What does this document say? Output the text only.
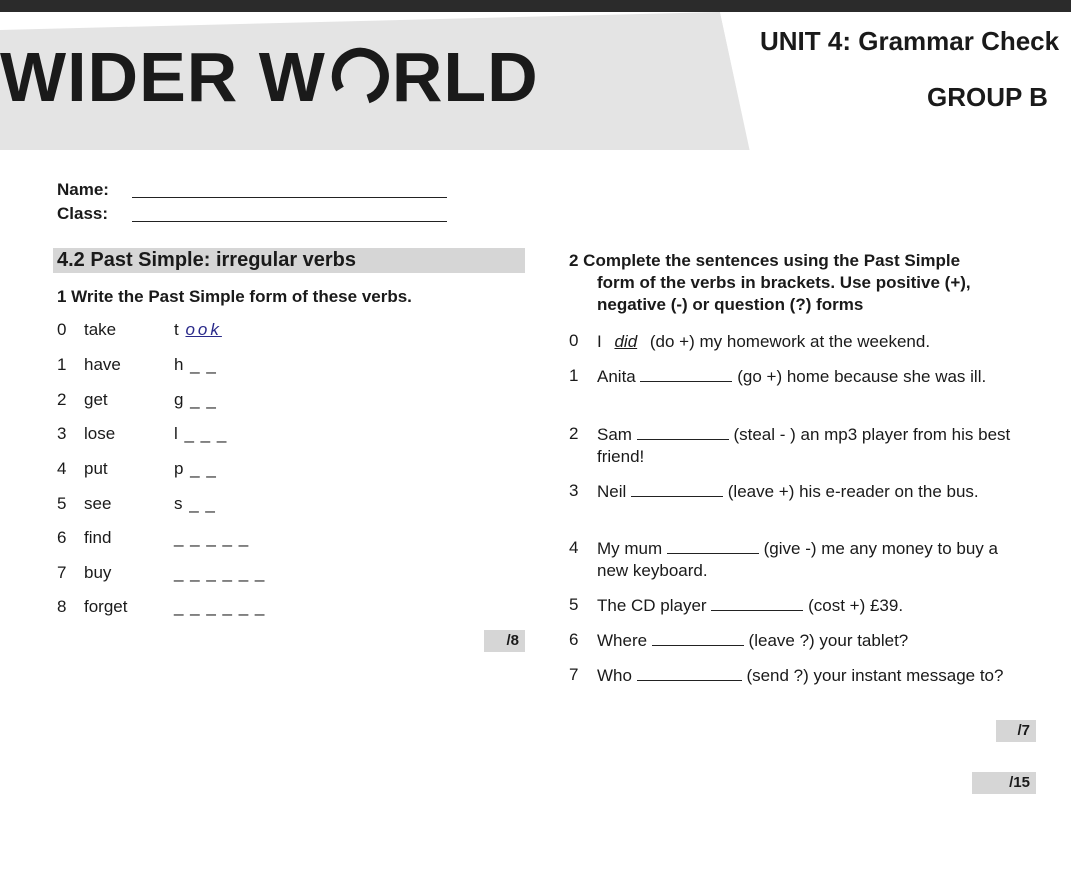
WIDER W RLD	UNIT 4: Grammar Check
GROUP B
Name:
Class:
4.2 Past Simple: irregular verbs
1 Write the Past Simple form of these verbs.
0 take	t ook
1 have	h _ _
2 get	g _ _
3 lose	l _ _ _
4 put	p _ _
5 see	s _ _
6 find	_ _ _ _ _
7 buy	_ _ _ _ _ _
8 forget	_ _ _ _ _ _
/8
2 Complete the sentences using the Past Simple
form of the verbs in brackets. Use positive (+),
negative (-) or question (?) forms
0 I did (do +) my homework at the weekend.
1 Anita	(go +) home because she was ill.
2 Sam	(steal - ) an mp3 player from his best friend!
3 Neil	(leave +) his e-reader on the bus.
4 My mum	(give -) me any money to buy a new keyboard.
5 The CD player	(cost +) £39.
6 Where	(leave ?) your tablet?
7 Who	(send ?) your instant message to?
/7
/15
